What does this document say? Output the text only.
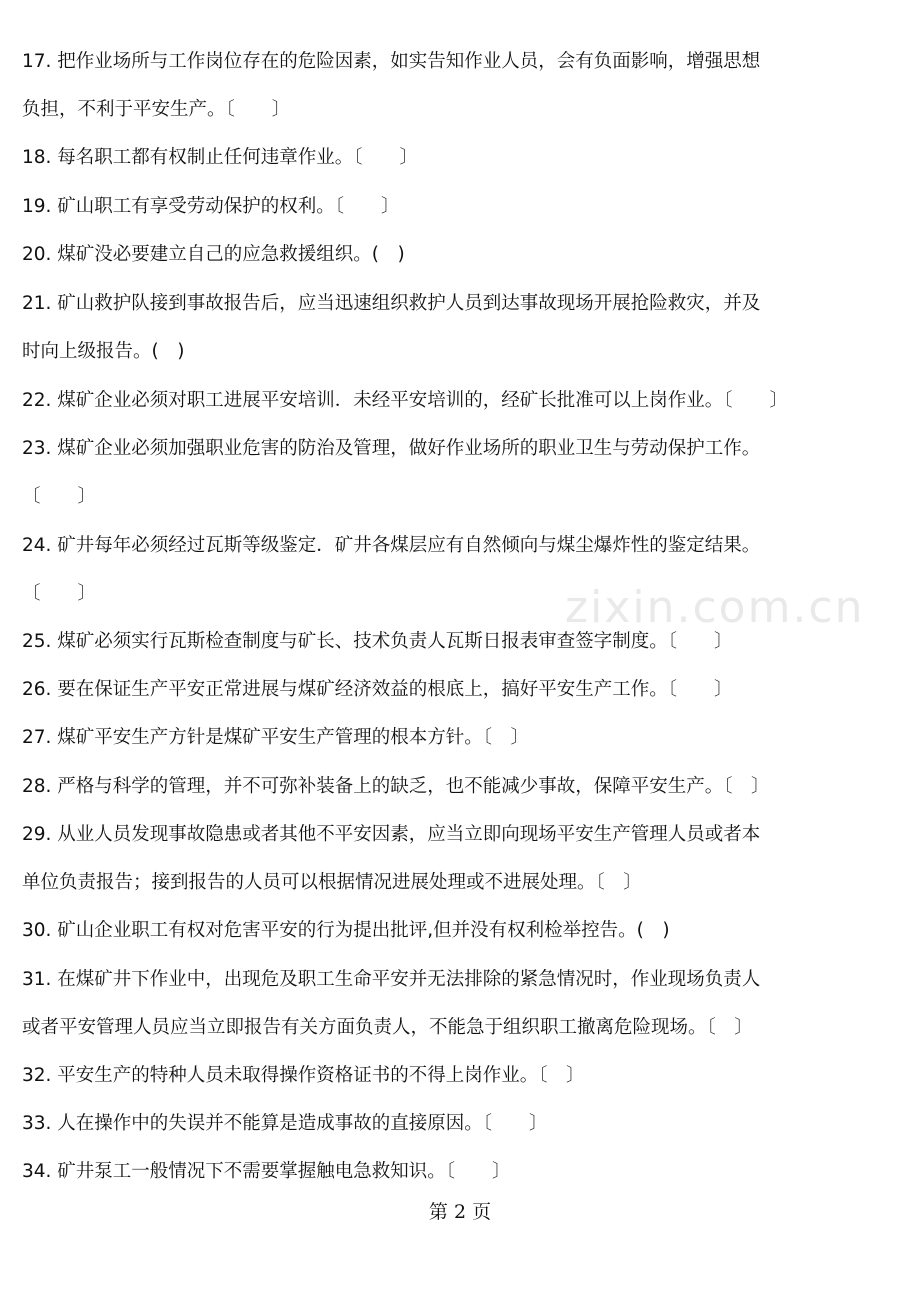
17. 把作业场所与工作岗位存在的危险因素，如实告知作业人员，会有负面影响，增强思想
负担，不利于平安生产。〔　　〕
18. 每名职工都有权制止任何违章作业。〔　　〕
19. 矿山职工有享受劳动保护的权利。〔　　〕
20. 煤矿没必要建立自己的应急救援组织。(　)
21. 矿山救护队接到事故报告后，应当迅速组织救护人员到达事故现场开展抢险救灾，并及
时向上级报告。(　)
22. 煤矿企业必须对职工进展平安培训．未经平安培训的，经矿长批准可以上岗作业。〔　　〕
23. 煤矿企业必须加强职业危害的防治及管理，做好作业场所的职业卫生与劳动保护工作。
〔　　〕
24. 矿井每年必须经过瓦斯等级鉴定．矿井各煤层应有自然倾向与煤尘爆炸性的鉴定结果。
〔　　〕
25. 煤矿必须实行瓦斯检查制度与矿长、技术负责人瓦斯日报表审查签字制度。〔　　〕
26. 要在保证生产平安正常进展与煤矿经济效益的根底上，搞好平安生产工作。〔　　〕
27. 煤矿平安生产方针是煤矿平安生产管理的根本方针。〔　〕
28. 严格与科学的管理，并不可弥补装备上的缺乏，也不能减少事故，保障平安生产。〔　〕
29. 从业人员发现事故隐患或者其他不平安因素，应当立即向现场平安生产管理人员或者本
单位负责报告；接到报告的人员可以根据情况进展处理或不进展处理。〔　〕
30. 矿山企业职工有权对危害平安的行为提出批评,但并没有权利检举控告。(　)
31. 在煤矿井下作业中，出现危及职工生命平安并无法排除的紧急情况时，作业现场负责人
或者平安管理人员应当立即报告有关方面负责人，不能急于组织职工撤离危险现场。〔　〕
32. 平安生产的特种人员未取得操作资格证书的不得上岗作业。〔　〕
33. 人在操作中的失误并不能算是造成事故的直接原因。〔　　〕
34. 矿井泵工一般情况下不需要掌握触电急救知识。〔　　〕
zixin.com.cn
第 2 页
